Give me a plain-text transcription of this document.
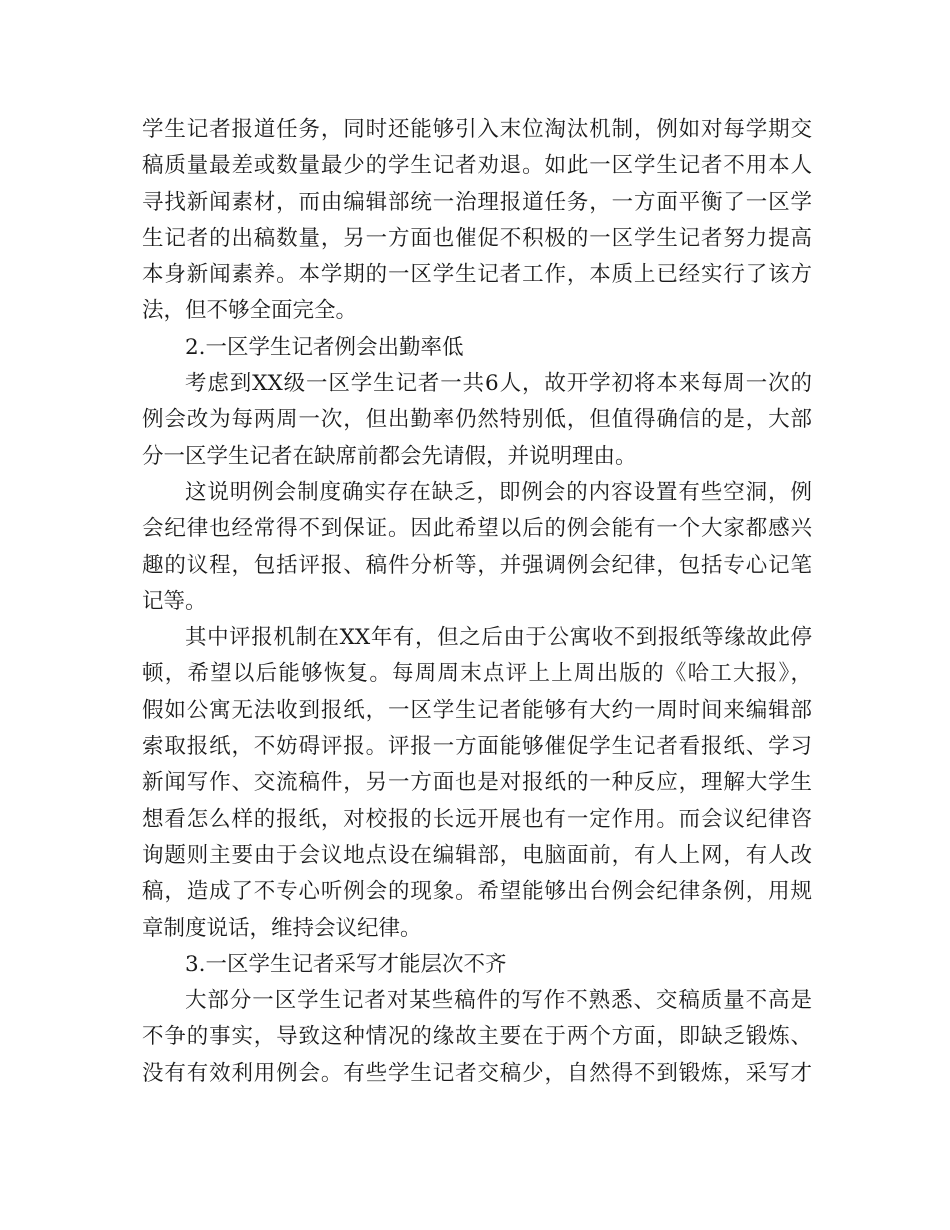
学生记者报道任务，同时还能够引入末位淘汰机制，例如对每学期交
稿质量最差或数量最少的学生记者劝退。如此一区学生记者不用本人
寻找新闻素材，而由编辑部统一治理报道任务，一方面平衡了一区学
生记者的出稿数量，另一方面也催促不积极的一区学生记者努力提高
本身新闻素养。本学期的一区学生记者工作，本质上已经实行了该方
法，但不够全面完全。
2.一区学生记者例会出勤率低
考虑到XX级一区学生记者一共6人，故开学初将本来每周一次的
例会改为每两周一次，但出勤率仍然特别低，但值得确信的是，大部
分一区学生记者在缺席前都会先请假，并说明理由。
这说明例会制度确实存在缺乏，即例会的内容设置有些空洞，例
会纪律也经常得不到保证。因此希望以后的例会能有一个大家都感兴
趣的议程，包括评报、稿件分析等，并强调例会纪律，包括专心记笔
记等。
其中评报机制在XX年有，但之后由于公寓收不到报纸等缘故此停
顿，希望以后能够恢复。每周周末点评上上周出版的《哈工大报》，
假如公寓无法收到报纸，一区学生记者能够有大约一周时间来编辑部
索取报纸，不妨碍评报。评报一方面能够催促学生记者看报纸、学习
新闻写作、交流稿件，另一方面也是对报纸的一种反应，理解大学生
想看怎么样的报纸，对校报的长远开展也有一定作用。而会议纪律咨
询题则主要由于会议地点设在编辑部，电脑面前，有人上网，有人改
稿，造成了不专心听例会的现象。希望能够出台例会纪律条例，用规
章制度说话，维持会议纪律。
3.一区学生记者采写才能层次不齐
大部分一区学生记者对某些稿件的写作不熟悉、交稿质量不高是
不争的事实，导致这种情况的缘故主要在于两个方面，即缺乏锻炼、
没有有效利用例会。有些学生记者交稿少，自然得不到锻炼，采写才
